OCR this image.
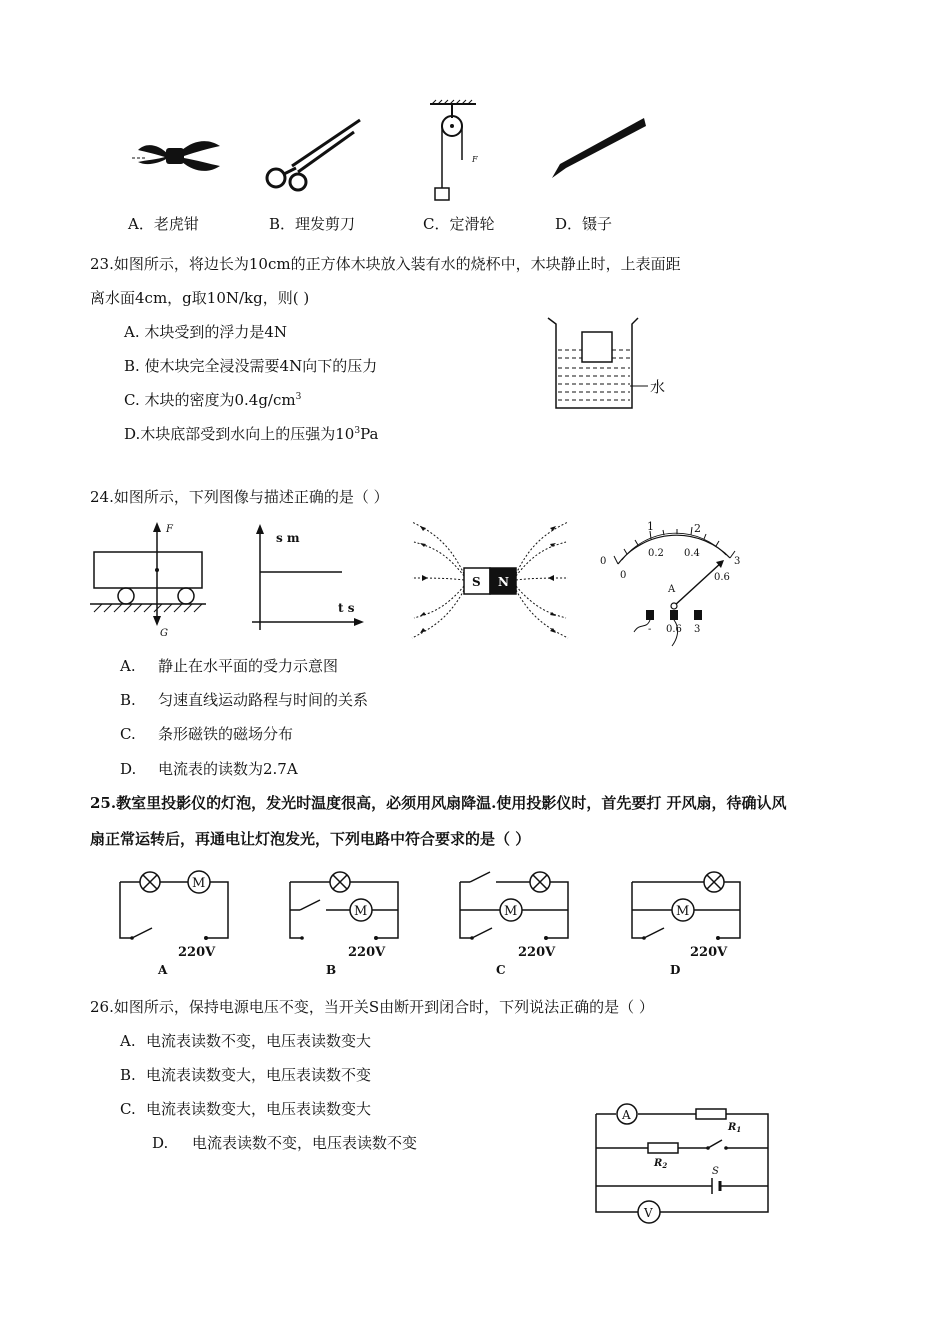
F
A．老虎钳	B．理发剪刀	C．定滑轮	D．镊子
23.如图所示，将边长为10cm的正方体木块放入装有水的烧杯中，木块静止时，上表面距
离水面4cm，g取10N/kg，则( )
A. 木块受到的浮力是4N
B. 使木块完全浸没需要4N向下的压力
C. 木块的密度为$0.4g/cm^3$
D.木块底部受到水向上的压强为$10^3Pa$
水
24.如图所示，下列图像与描述正确的是（ ）
F
G
s m
t s
S N
1	2
0.2 0.4
0
0
3
0.6
A
- 0.6 3
A. 静止在水平面的受力示意图
B. 匀速直线运动路程与时间的关系
C. 条形磁铁的磁场分布
D. 电流表的读数为2.7A
25.教室里投影仪的灯泡，发光时温度很高，必须用风扇降温.使用投影仪时，首先要打 开风扇，待确认风
扇正常运转后，再通电让灯泡发光，下列电路中符合要求的是（ ）
M
220V
A
M
220V
B
M
220V
C
M
220V
D
26.如图所示，保持电源电压不变，当开关S由断开到闭合时，下列说法正确的是（ ）
A. 电流表读数不变，电压表读数变大
B. 电流表读数变大，电压表读数不变
C. 电流表读数变大，电压表读数变大
D. 电流表读数不变，电压表读数不变
A
$R_1$
$R_2$
S
V
